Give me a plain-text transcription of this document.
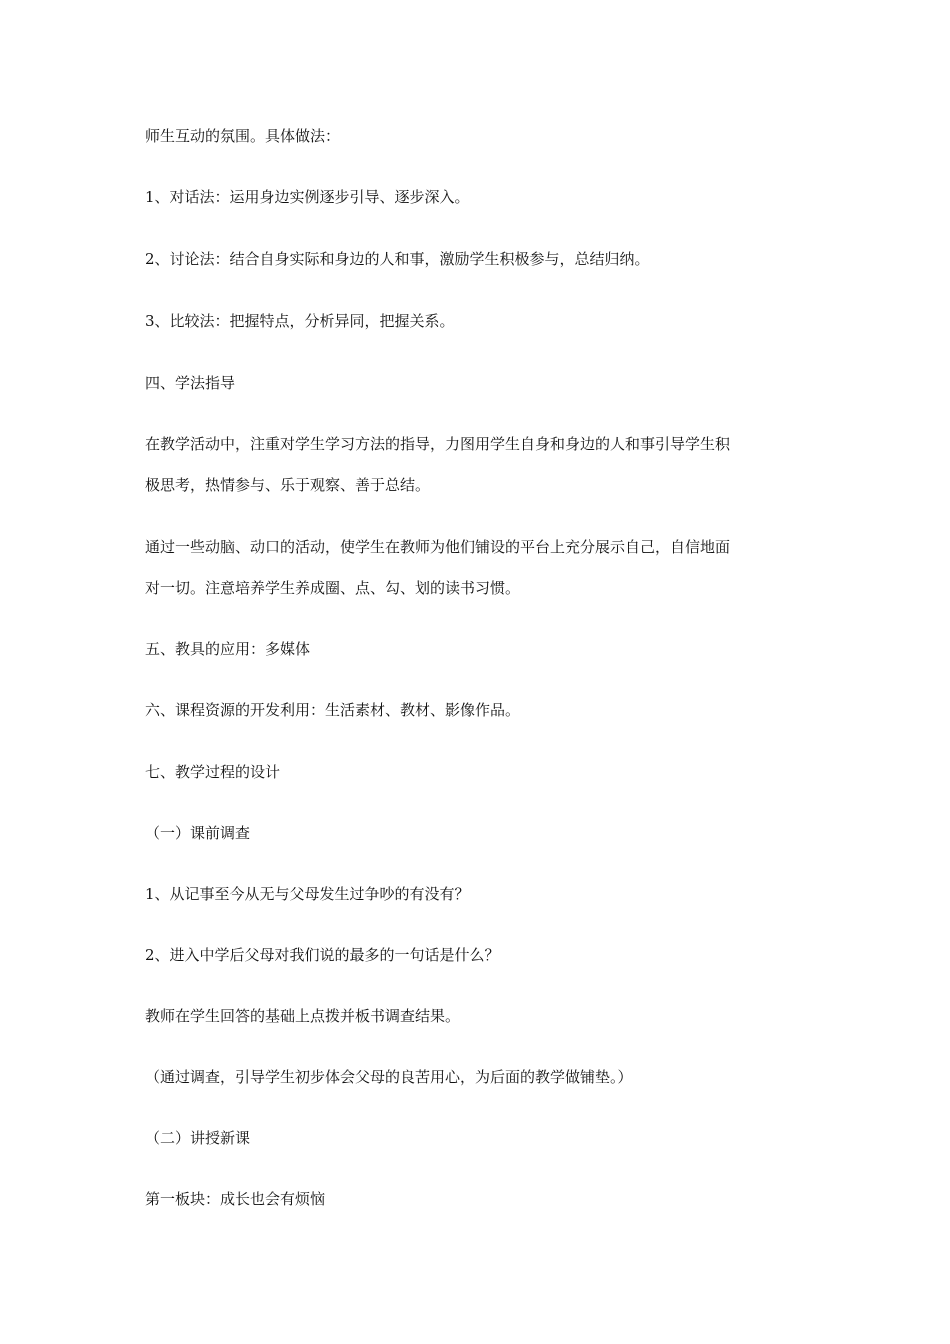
师生互动的氛围。具体做法：
1、对话法：运用身边实例逐步引导、逐步深入。
2、讨论法：结合自身实际和身边的人和事，激励学生积极参与，总结归纳。
3、比较法：把握特点，分析异同，把握关系。
四、学法指导
在教学活动中，注重对学生学习方法的指导，力图用学生自身和身边的人和事引导学生积
极思考，热情参与、乐于观察、善于总结。
通过一些动脑、动口的活动，使学生在教师为他们铺设的平台上充分展示自己，自信地面
对一切。注意培养学生养成圈、点、勾、划的读书习惯。
五、教具的应用：多媒体
六、课程资源的开发利用：生活素材、教材、影像作品。
七、教学过程的设计
（一）课前调查
1、从记事至今从无与父母发生过争吵的有没有？
2、进入中学后父母对我们说的最多的一句话是什么？
教师在学生回答的基础上点拨并板书调查结果。
（通过调查，引导学生初步体会父母的良苦用心，为后面的教学做铺垫。）
（二）讲授新课
第一板块：成长也会有烦恼
